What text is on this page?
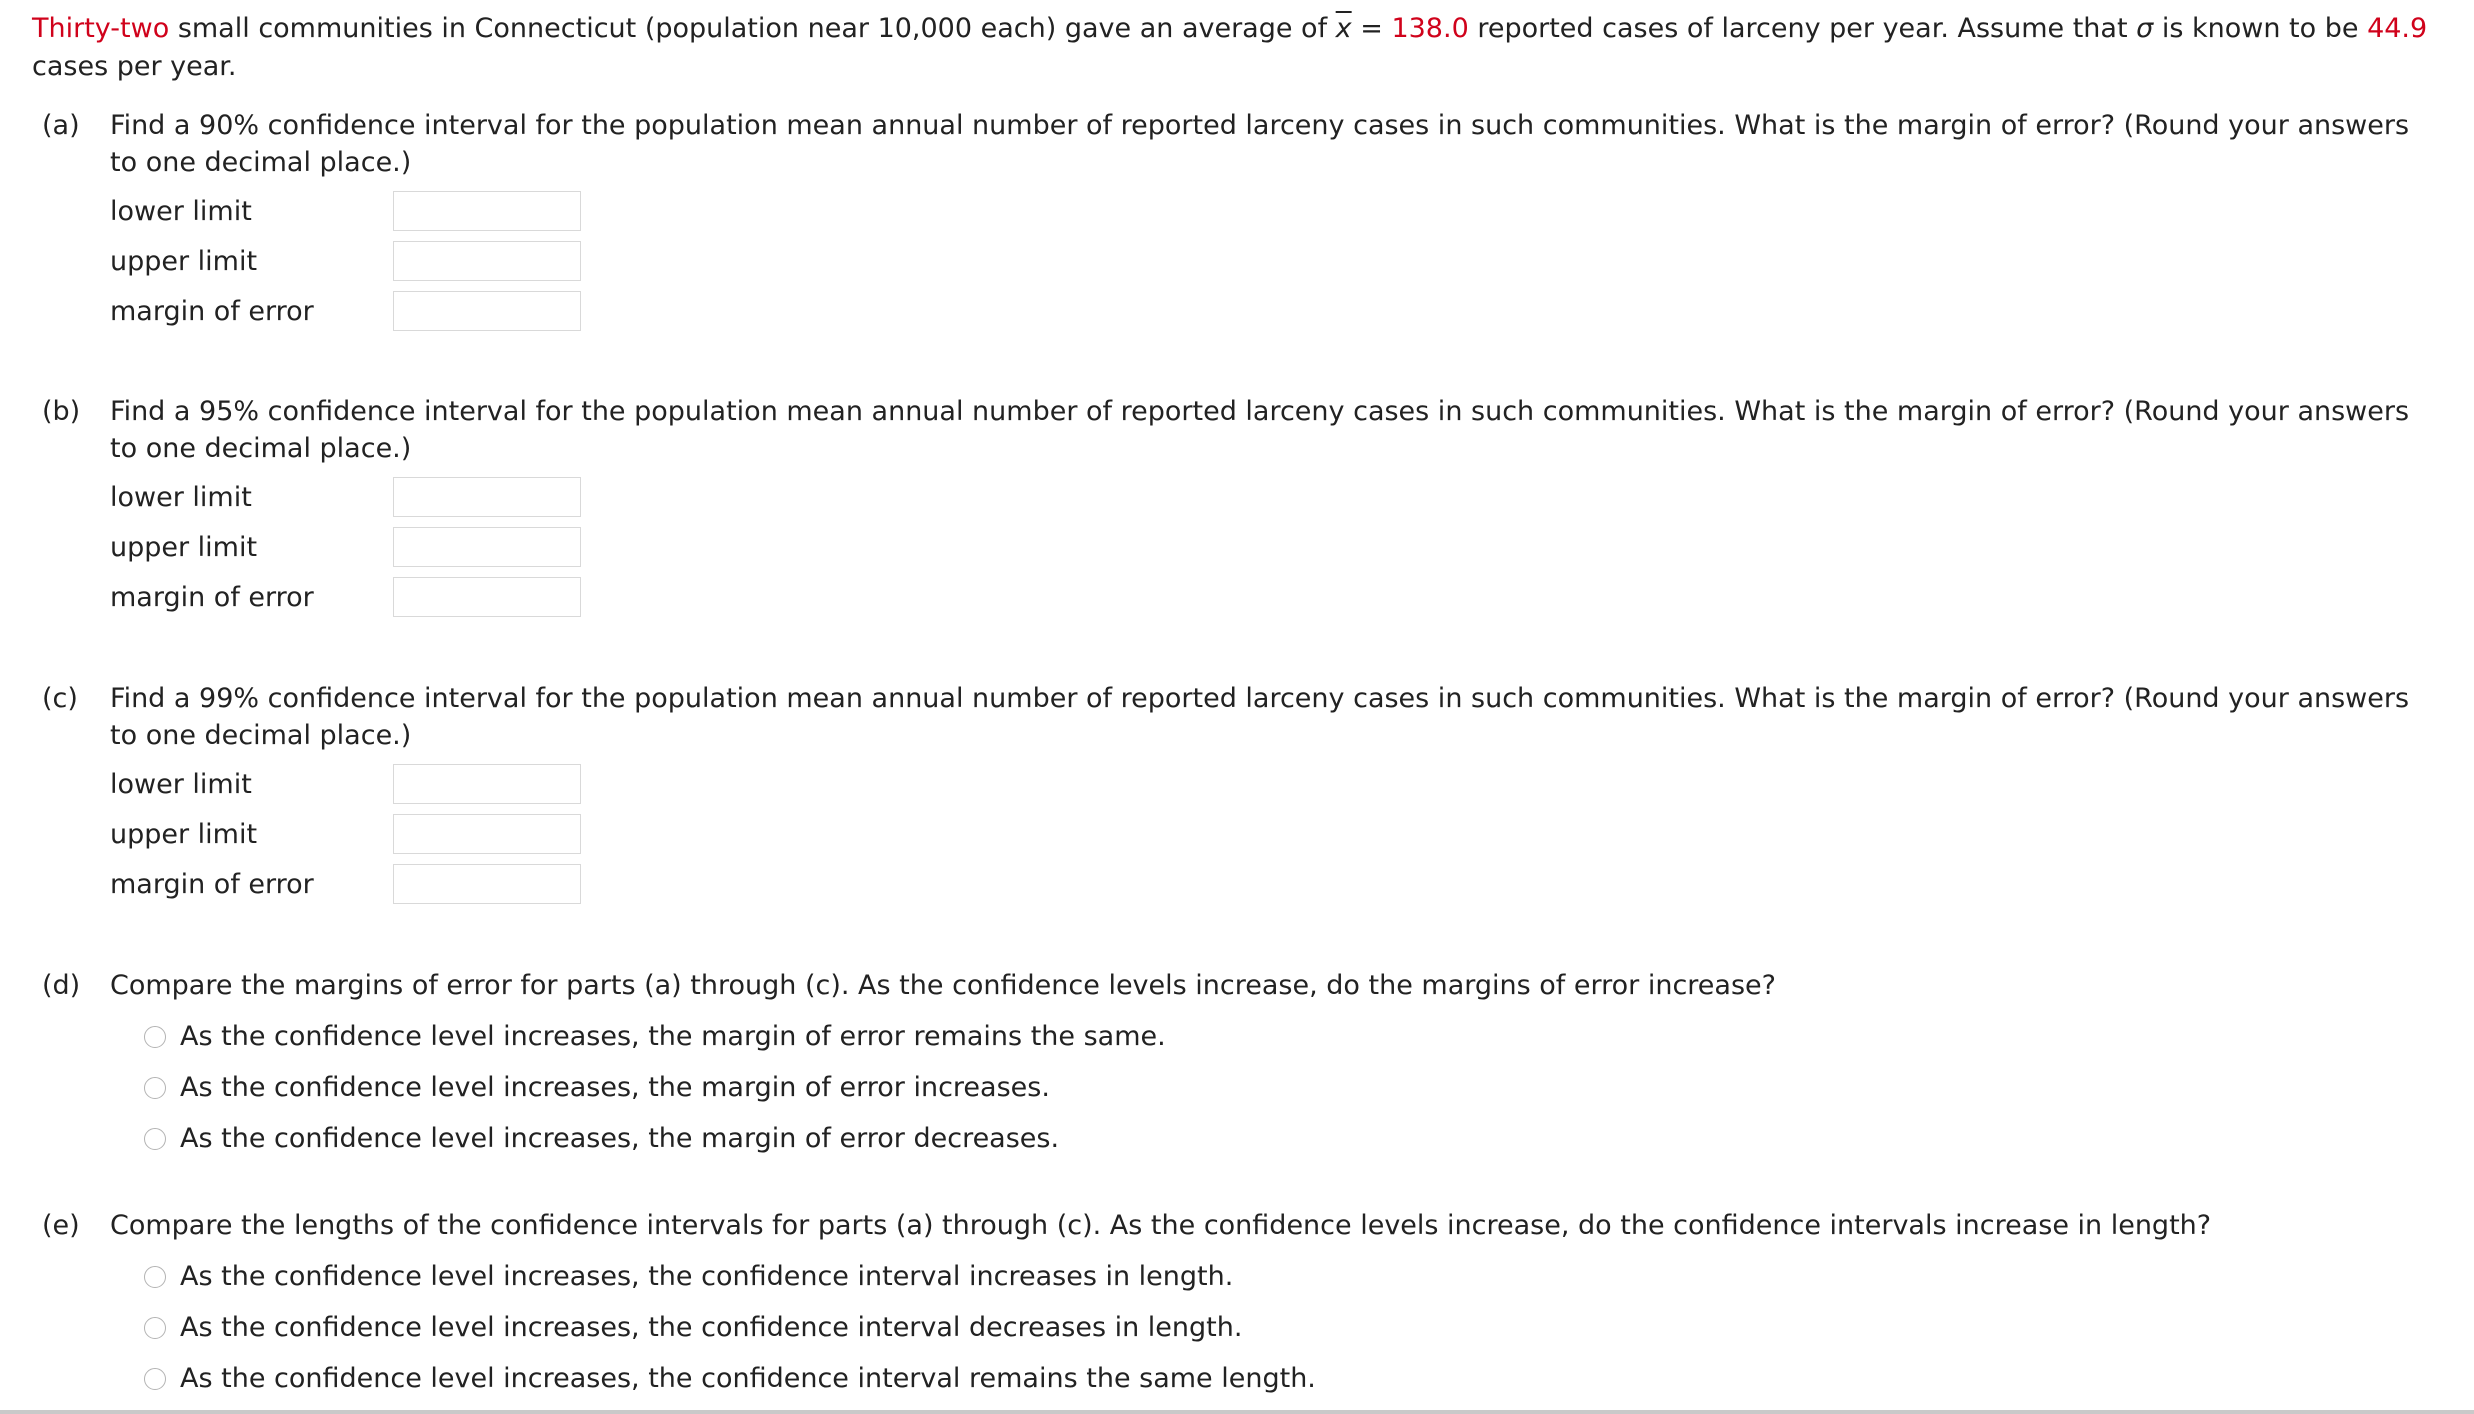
Thirty-two small communities in Connecticut (population near 10,000 each) gave an average of $\overline{x} = 138.0$ reported cases of larceny per year. Assume that σ is known to be 44.9 cases per year.
(a)	Find a 90% confidence interval for the population mean annual number of reported larceny cases in such communities. What is the margin of error? (Round your answers to one decimal place.)
lower limit
upper limit
margin of error
(b)	Find a 95% confidence interval for the population mean annual number of reported larceny cases in such communities. What is the margin of error? (Round your answers to one decimal place.)
lower limit
upper limit
margin of error
(c)	Find a 99% confidence interval for the population mean annual number of reported larceny cases in such communities. What is the margin of error? (Round your answers to one decimal place.)
lower limit
upper limit
margin of error
(d)	Compare the margins of error for parts (a) through (c). As the confidence levels increase, do the margins of error increase?
As the confidence level increases, the margin of error remains the same.
As the confidence level increases, the margin of error increases.
As the confidence level increases, the margin of error decreases.
(e)	Compare the lengths of the confidence intervals for parts (a) through (c). As the confidence levels increase, do the confidence intervals increase in length?
As the confidence level increases, the confidence interval increases in length.
As the confidence level increases, the confidence interval decreases in length.
As the confidence level increases, the confidence interval remains the same length.
